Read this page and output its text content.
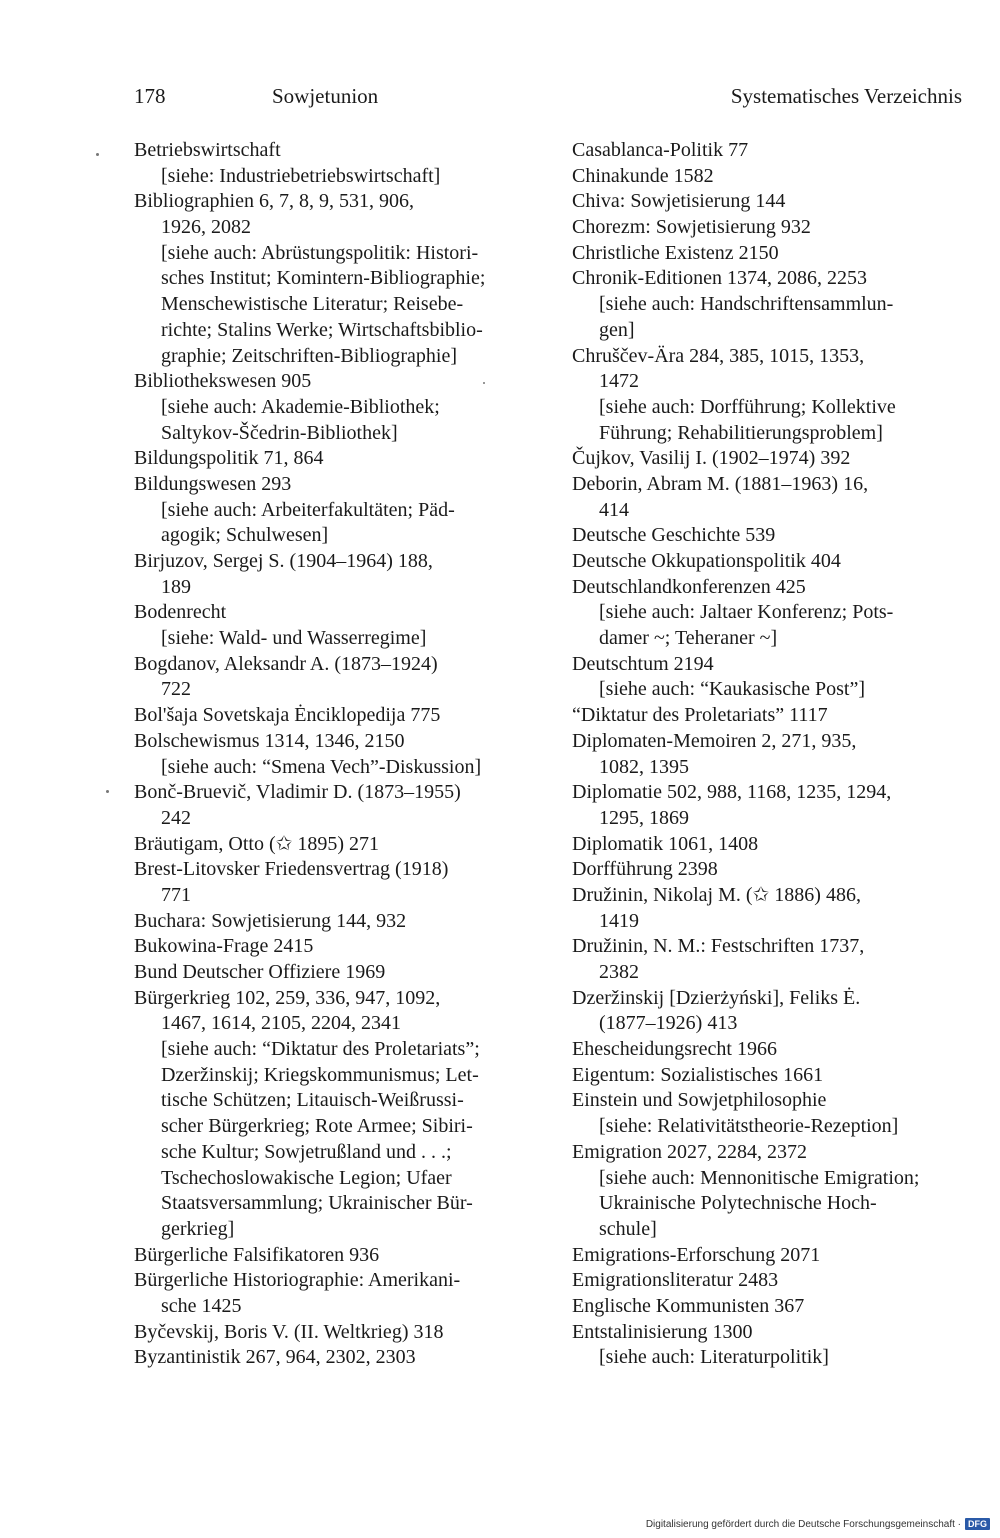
178	Sowjetunion	Systematisches Verzeichnis
Betriebswirtschaft
[siehe: Industriebetriebswirtschaft]
Bibliographien 6, 7, 8, 9, 531, 906,
1926, 2082
[siehe auch: Abrüstungspolitik: Histori-
sches Institut; Komintern-Bibliographie;
Menschewistische Literatur; Reisebe-
richte; Stalins Werke; Wirtschaftsbiblio-
graphie; Zeitschriften-Bibliographie]
Bibliothekswesen 905
[siehe auch: Akademie-Bibliothek;
Saltykov-Ščedrin-Bibliothek]
Bildungspolitik 71, 864
Bildungswesen 293
[siehe auch: Arbeiterfakultäten; Päd-
agogik; Schulwesen]
Birjuzov, Sergej S. (1904–1964) 188,
189
Bodenrecht
[siehe: Wald- und Wasserregime]
Bogdanov, Aleksandr A. (1873–1924)
722
Bol'šaja Sovetskaja Ėnciklopedija 775
Bolschewismus 1314, 1346, 2150
[siehe auch: “Smena Vech”-Diskussion]
Bonč-Bruevič, Vladimir D. (1873–1955)
242
Bräutigam, Otto (✩ 1895) 271
Brest-Litovsker Friedensvertrag (1918)
771
Buchara: Sowjetisierung 144, 932
Bukowina-Frage 2415
Bund Deutscher Offiziere 1969
Bürgerkrieg 102, 259, 336, 947, 1092,
1467, 1614, 2105, 2204, 2341
[siehe auch: “Diktatur des Proletariats”;
Dzeržinskij; Kriegskommunismus; Let-
tische Schützen; Litauisch-Weißrussi-
scher Bürgerkrieg; Rote Armee; Sibiri-
sche Kultur; Sowjetrußland und . . .;
Tschechoslowakische Legion; Ufaer
Staatsversammlung; Ukrainischer Bür-
gerkrieg]
Bürgerliche Falsifikatoren 936
Bürgerliche Historiographie: Amerikani-
sche 1425
Byčevskij, Boris V. (II. Weltkrieg) 318
Byzantinistik 267, 964, 2302, 2303
Casablanca-Politik 77
Chinakunde 1582
Chiva: Sowjetisierung 144
Chorezm: Sowjetisierung 932
Christliche Existenz 2150
Chronik-Editionen 1374, 2086, 2253
[siehe auch: Handschriftensammlun-
gen]
Chruščev-Ära 284, 385, 1015, 1353,
1472
[siehe auch: Dorfführung; Kollektive
Führung; Rehabilitierungsproblem]
Čujkov, Vasilij I. (1902–1974) 392
Deborin, Abram M. (1881–1963) 16,
414
Deutsche Geschichte 539
Deutsche Okkupationspolitik 404
Deutschlandkonferenzen 425
[siehe auch: Jaltaer Konferenz; Pots-
damer ~; Teheraner ~]
Deutschtum 2194
[siehe auch: “Kaukasische Post”]
“Diktatur des Proletariats” 1117
Diplomaten-Memoiren 2, 271, 935,
1082, 1395
Diplomatie 502, 988, 1168, 1235, 1294,
1295, 1869
Diplomatik 1061, 1408
Dorfführung 2398
Družinin, Nikolaj M. (✩ 1886) 486,
1419
Družinin, N. M.: Festschriften 1737,
2382
Dzeržinskij [Dzierżyński], Feliks Ė.
(1877–1926) 413
Ehescheidungsrecht 1966
Eigentum: Sozialistisches 1661
Einstein und Sowjetphilosophie
[siehe: Relativitätstheorie-Rezeption]
Emigration 2027, 2284, 2372
[siehe auch: Mennonitische Emigration;
Ukrainische Polytechnische Hoch-
schule]
Emigrations-Erforschung 2071
Emigrationsliteratur 2483
Englische Kommunisten 367
Entstalinisierung 1300
[siehe auch: Literaturpolitik]
Digitalisierung gefördert durch die Deutsche Forschungsgemeinschaft · DFG
